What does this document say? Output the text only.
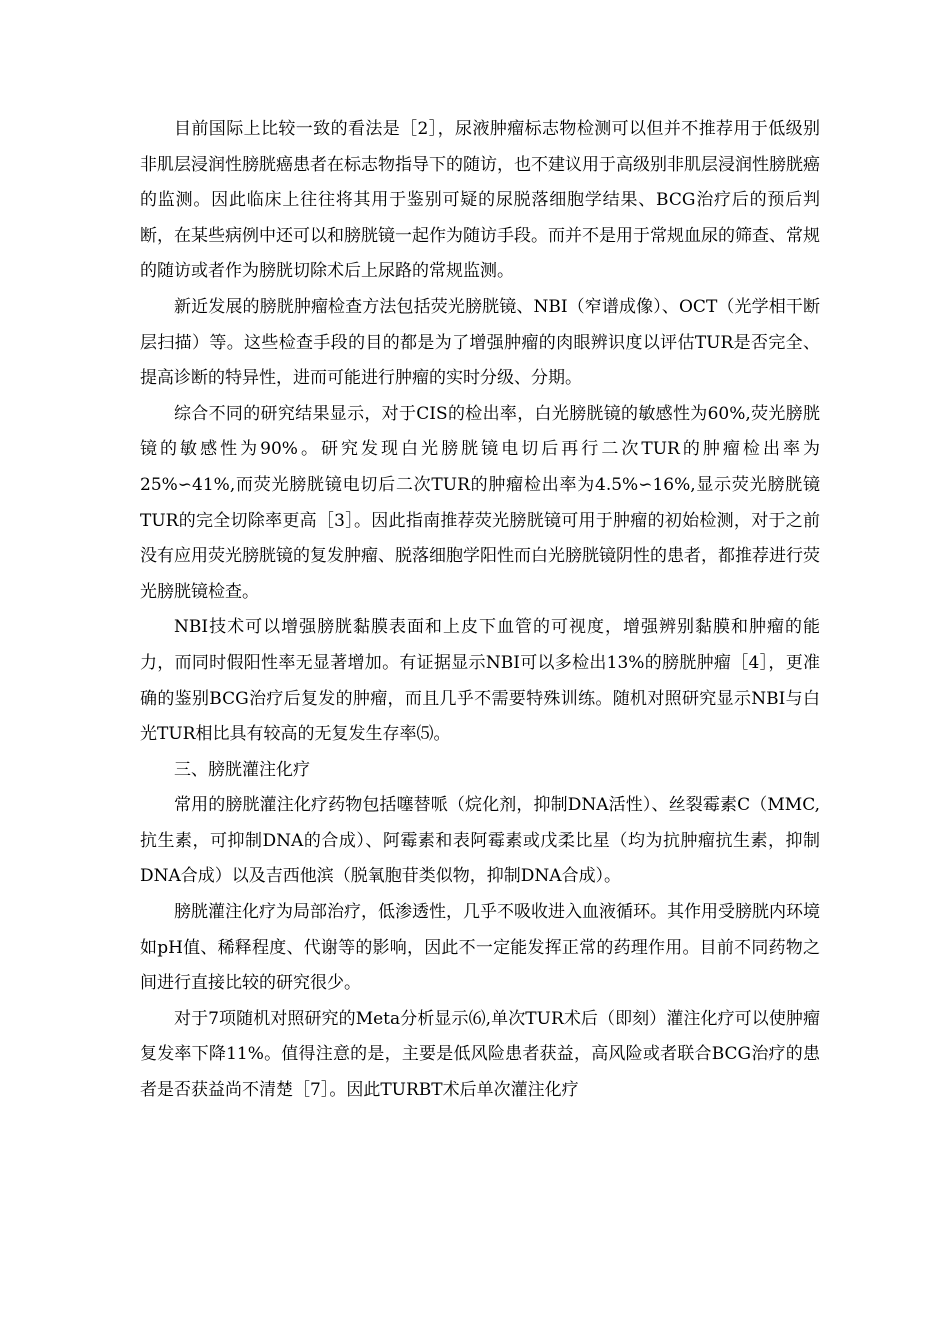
目前国际上比较一致的看法是［2］，尿液肿瘤标志物检测可以但并不推荐用于低级别非肌层浸润性膀胱癌患者在标志物指导下的随访，也不建议用于高级别非肌层浸润性膀胱癌的监测。因此临床上往往将其用于鉴别可疑的尿脱落细胞学结果、BCG治疗后的预后判断，在某些病例中还可以和膀胱镜一起作为随访手段。而并不是用于常规血尿的筛查、常规的随访或者作为膀胱切除术后上尿路的常规监测。

新近发展的膀胱肿瘤检查方法包括荧光膀胱镜、NBI（窄谱成像）、OCT（光学相干断层扫描）等。这些检查手段的目的都是为了增强肿瘤的肉眼辨识度以评估TUR是否完全、提高诊断的特异性，进而可能进行肿瘤的实时分级、分期。

综合不同的研究结果显示，对于CIS的检出率，白光膀胱镜的敏感性为60%,荧光膀胱镜的敏感性为90%。研究发现白光膀胱镜电切后再行二次TUR的肿瘤检出率为25%∽41%,而荧光膀胱镜电切后二次TUR的肿瘤检出率为4.5%∽16%,显示荧光膀胱镜TUR的完全切除率更高［3］。因此指南推荐荧光膀胱镜可用于肿瘤的初始检测，对于之前没有应用荧光膀胱镜的复发肿瘤、脱落细胞学阳性而白光膀胱镜阴性的患者，都推荐进行荧光膀胱镜检查。

NBI技术可以增强膀胱黏膜表面和上皮下血管的可视度，增强辨别黏膜和肿瘤的能力，而同时假阳性率无显著增加。有证据显示NBI可以多检出13%的膀胱肿瘤［4］，更准确的鉴别BCG治疗后复发的肿瘤，而且几乎不需要特殊训练。随机对照研究显示NBI与白光TUR相比具有较高的无复发生存率⑸。

三、膀胱灌注化疗

常用的膀胱灌注化疗药物包括噻替哌（烷化剂，抑制DNA活性）、丝裂霉素C（MMC,抗生素，可抑制DNA的合成）、阿霉素和表阿霉素或戊柔比星（均为抗肿瘤抗生素，抑制DNA合成）以及吉西他滨（脱氧胞苷类似物，抑制DNA合成）。

膀胱灌注化疗为局部治疗，低渗透性，几乎不吸收进入血液循环。其作用受膀胱内环境如pH值、稀释程度、代谢等的影响，因此不一定能发挥正常的药理作用。目前不同药物之间进行直接比较的研究很少。

对于7项随机对照研究的Meta分析显示⑹,单次TUR术后（即刻）灌注化疗可以使肿瘤复发率下降11%。值得注意的是，主要是低风险患者获益，高风险或者联合BCG治疗的患者是否获益尚不清楚［7］。因此TURBT术后单次灌注化疗
